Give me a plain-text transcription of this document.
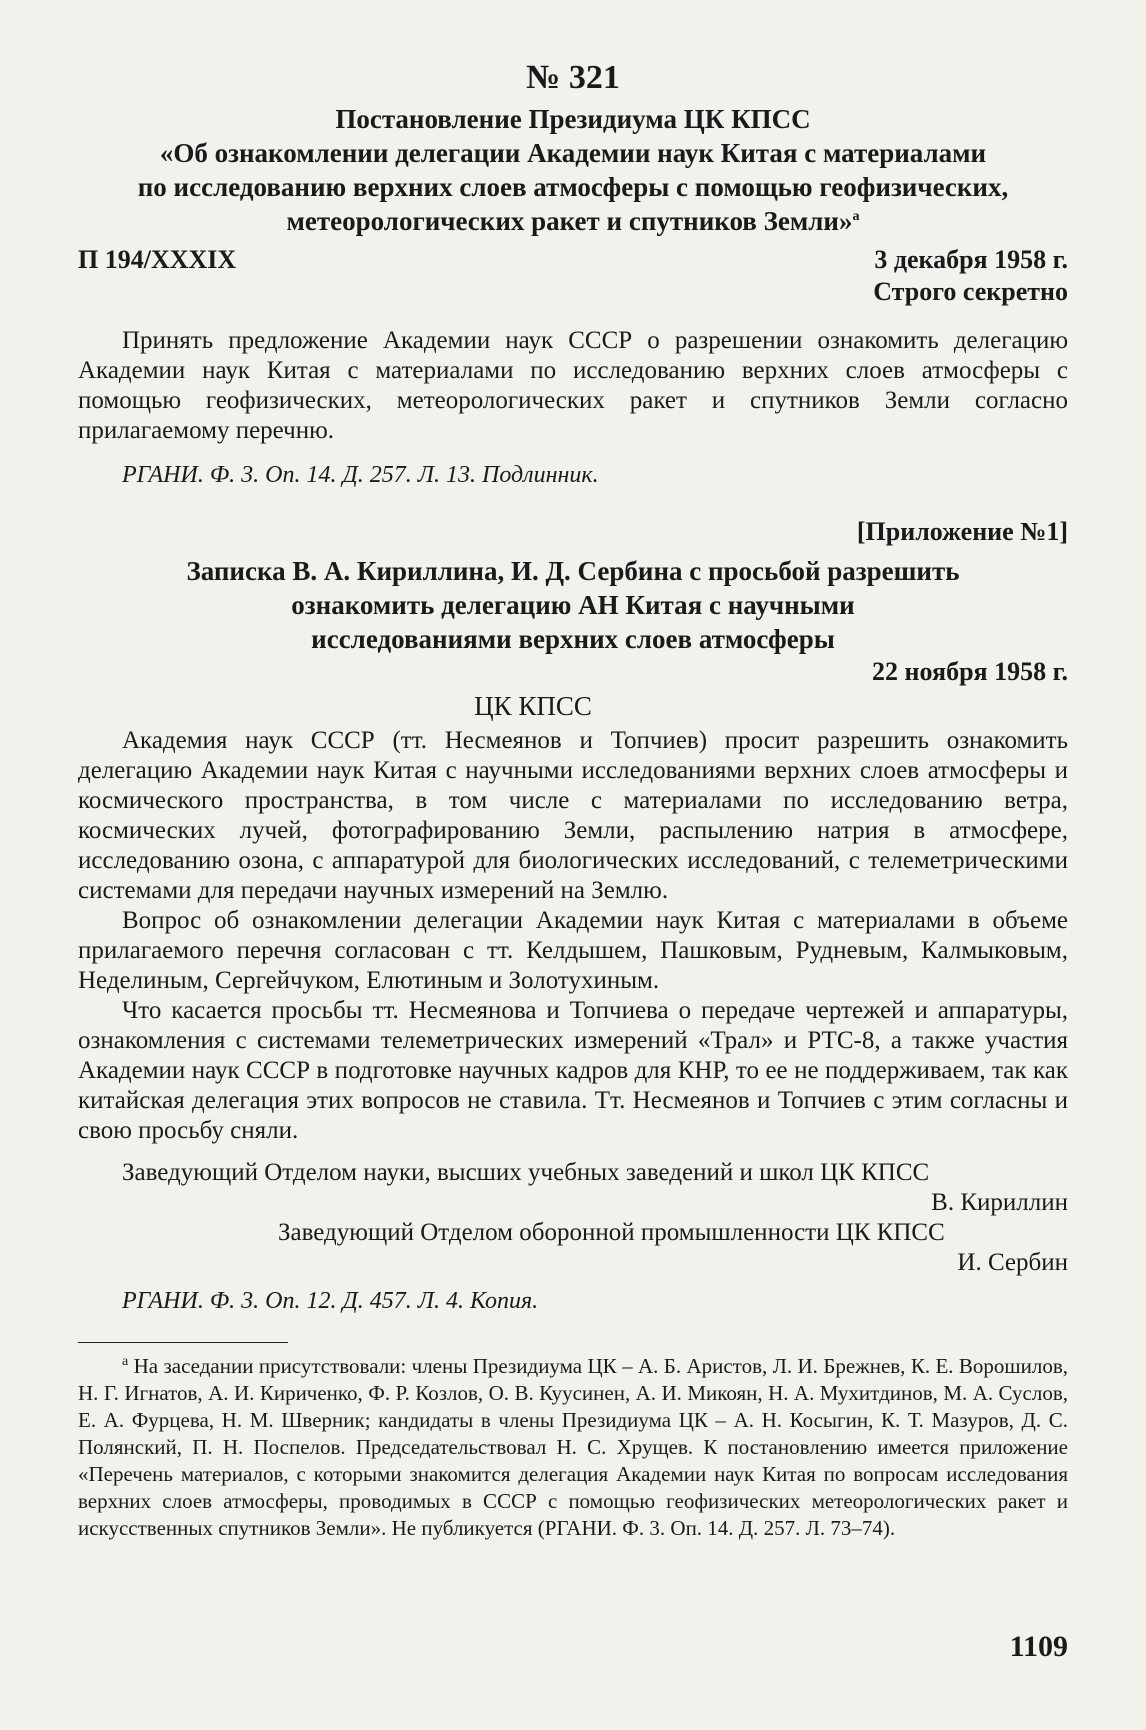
№ 321
Постановление Президиума ЦК КПСС
«Об ознакомлении делегации Академии наук Китая с материалами
по исследованию верхних слоев атмосферы с помощью геофизических,
метеорологических ракет и спутников Земли»$^а$
П 194/XXXIX	3 декабря 1958 г.
Строго секретно

Принять предложение Академии наук СССР о разрешении ознакомить делегацию Академии наук Китая с материалами по исследованию верхних слоев атмосферы с помощью геофизических, метеорологических ракет и спутников Земли согласно прилагаемому перечню.

РГАНИ. Ф. 3. Оп. 14. Д. 257. Л. 13. Подлинник.
[Приложение №1]
Записка В. А. Кириллина, И. Д. Сербина с просьбой разрешить
ознакомить делегацию АН Китая с научными
исследованиями верхних слоев атмосферы
22 ноября 1958 г.
ЦК КПСС

Академия наук СССР (тт. Несмеянов и Топчиев) просит разрешить ознакомить делегацию Академии наук Китая с научными исследованиями верхних слоев атмосферы и космического пространства, в том числе с материалами по исследованию ветра, космических лучей, фотографированию Земли, распылению натрия в атмосфере, исследованию озона, с аппаратурой для биологических исследований, с телеметрическими системами для передачи научных измерений на Землю.

Вопрос об ознакомлении делегации Академии наук Китая с материалами в объеме прилагаемого перечня согласован с тт. Келдышем, Пашковым, Рудневым, Калмыковым, Неделиным, Сергейчуком, Елютиным и Золотухиным.

Что касается просьбы тт. Несмеянова и Топчиева о передаче чертежей и аппаратуры, ознакомления с системами телеметрических измерений «Трал» и РТС-8, а также участия Академии наук СССР в подготовке научных кадров для КНР, то ее не поддерживаем, так как китайская делегация этих вопросов не ставила. Тт. Несмеянов и Топчиев с этим согласны и свою просьбу сняли.

Заведующий Отделом науки, высших учебных заведений и школ ЦК КПСС
В. Кириллин
Заведующий Отделом оборонной промышленности ЦК КПСС
И. Сербин
РГАНИ. Ф. 3. Оп. 12. Д. 457. Л. 4. Копия.

$^а$ На заседании присутствовали: члены Президиума ЦК – А. Б. Аристов, Л. И. Брежнев, К. Е. Ворошилов, Н. Г. Игнатов, А. И. Кириченко, Ф. Р. Козлов, О. В. Куусинен, А. И. Микоян, Н. А. Мухитдинов, М. А. Суслов, Е. А. Фурцева, Н. М. Шверник; кандидаты в члены Президиума ЦК – А. Н. Косыгин, К. Т. Мазуров, Д. С. Полянский, П. Н. Поспелов. Председательствовал Н. С. Хрущев. К постановлению имеется приложение «Перечень материалов, с которыми знакомится делегация Академии наук Китая по вопросам исследования верхних слоев атмосферы, проводимых в СССР с помощью геофизических метеорологических ракет и искусственных спутников Земли». Не публикуется (РГАНИ. Ф. 3. Оп. 14. Д. 257. Л. 73–74).

1109
